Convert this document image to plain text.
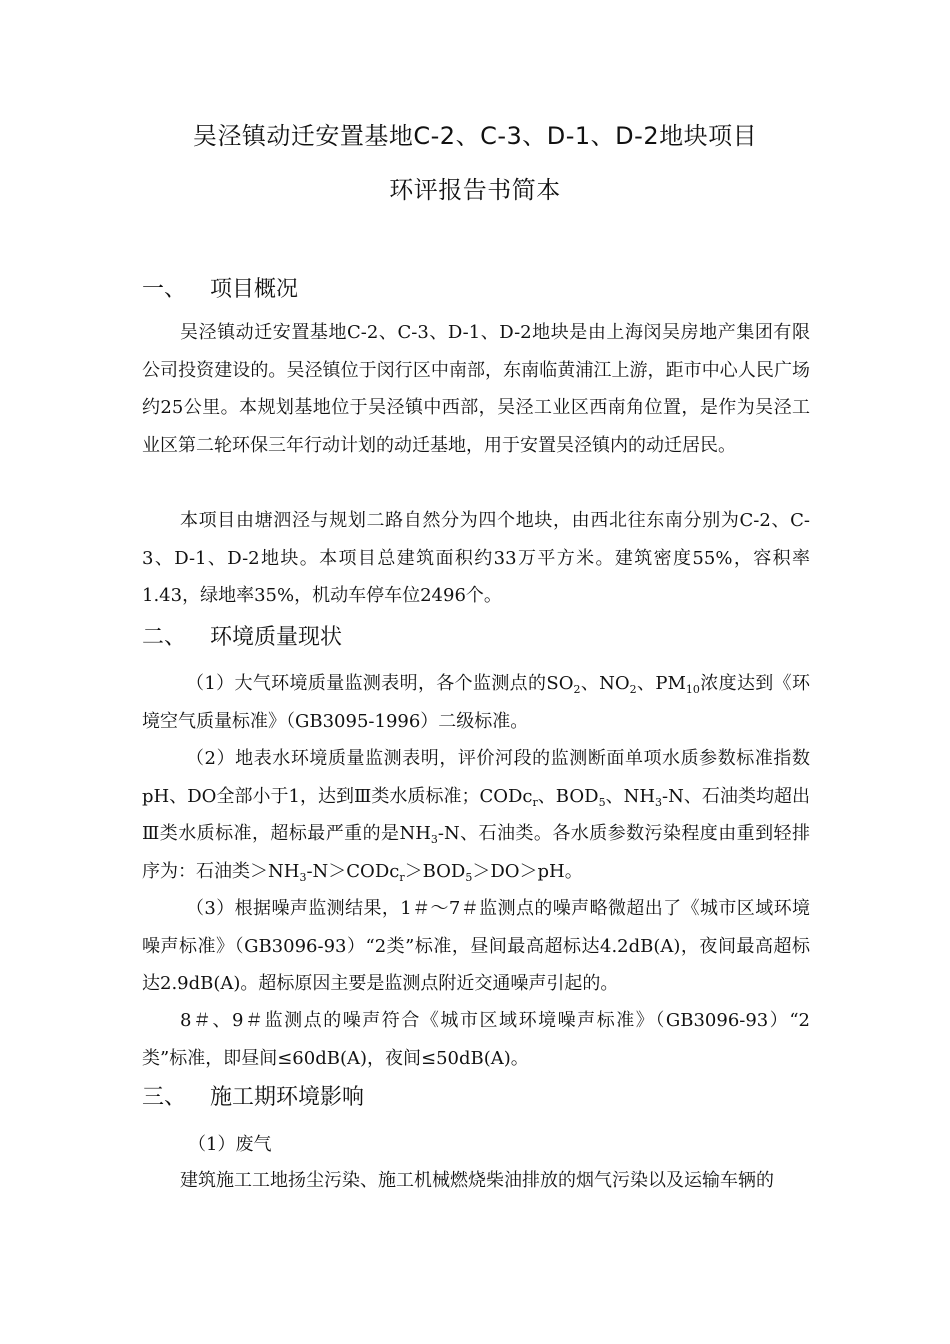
吴泾镇动迁安置基地C-2、C-3、D-1、D-2地块项目
环评报告书简本
一、 项目概况

吴泾镇动迁安置基地C-2、C-3、D-1、D-2地块是由上海闵吴房地产集团有限公司投资建设的。吴泾镇位于闵行区中南部，东南临黄浦江上游，距市中心人民广场约25公里。本规划基地位于吴泾镇中西部，吴泾工业区西南角位置，是作为吴泾工业区第二轮环保三年行动计划的动迁基地，用于安置吴泾镇内的动迁居民。

本项目由塘泗泾与规划二路自然分为四个地块，由西北往东南分别为C-2、C-3、D-1、D-2地块。本项目总建筑面积约33万平方米。建筑密度55%，容积率1.43，绿地率35%，机动车停车位2496个。

二、 环境质量现状

（1）大气环境质量监测表明，各个监测点的$SO_2$、$NO_2$、$PM_{10}$浓度达到《环境空气质量标准》（GB3095-1996）二级标准。

（2）地表水环境质量监测表明，评价河段的监测断面单项水质参数标准指数pH、DO全部小于1，达到Ⅲ类水质标准；CODc$_r$、$BOD_5$、$NH_3-N$、石油类均超出Ⅲ类水质标准，超标最严重的是$NH_3-N$、石油类。各水质参数污染程度由重到轻排序为：石油类$>NH_3-N>CODc_r>BOD_5>DO>pH$。

（3）根据噪声监测结果，1＃～7＃监测点的噪声略微超出了《城市区域环境噪声标准》（GB3096-93）“2类”标准，昼间最高超标达4.2dB(A)，夜间最高超标达2.9dB(A)。超标原因主要是监测点附近交通噪声引起的。

8＃、9＃监测点的噪声符合《城市区域环境噪声标准》（GB3096-93）“2类”标准，即昼间≤60dB(A)，夜间≤50dB(A)。

三、 施工期环境影响
（1）废气
建筑施工工地扬尘污染、施工机械燃烧柴油排放的烟气污染以及运输车辆的
